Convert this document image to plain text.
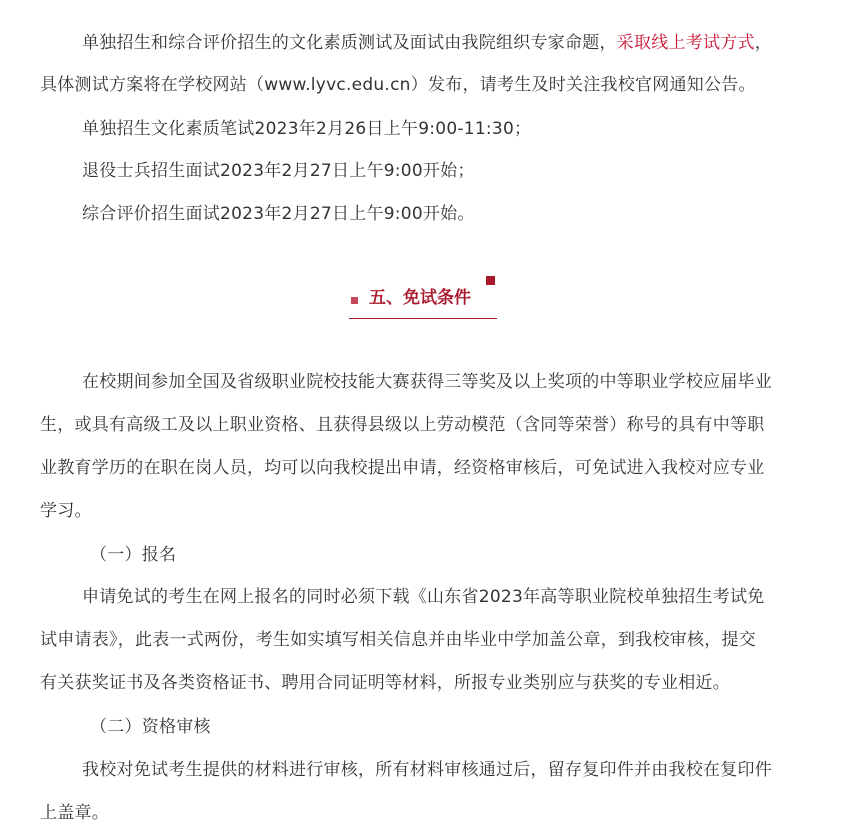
单独招生和综合评价招生的文化素质测试及面试由我院组织专家命题，采取线上考试方式，
具体测试方案将在学校网站（www.lyvc.edu.cn）发布，请考生及时关注我校官网通知公告。
单独招生文化素质笔试2023年2月26日上午9:00-11:30；
退役士兵招生面试2023年2月27日上午9:00开始；
综合评价招生面试2023年2月27日上午9:00开始。
五、免试条件
在校期间参加全国及省级职业院校技能大赛获得三等奖及以上奖项的中等职业学校应届毕业
生，或具有高级工及以上职业资格、且获得县级以上劳动模范（含同等荣誉）称号的具有中等职
业教育学历的在职在岗人员，均可以向我校提出申请，经资格审核后，可免试进入我校对应专业
学习。
（一）报名
申请免试的考生在网上报名的同时必须下载《山东省2023年高等职业院校单独招生考试免
试申请表》，此表一式两份，考生如实填写相关信息并由毕业中学加盖公章，到我校审核，提交
有关获奖证书及各类资格证书、聘用合同证明等材料，所报专业类别应与获奖的专业相近。
（二）资格审核
我校对免试考生提供的材料进行审核，所有材料审核通过后，留存复印件并由我校在复印件
上盖章。
